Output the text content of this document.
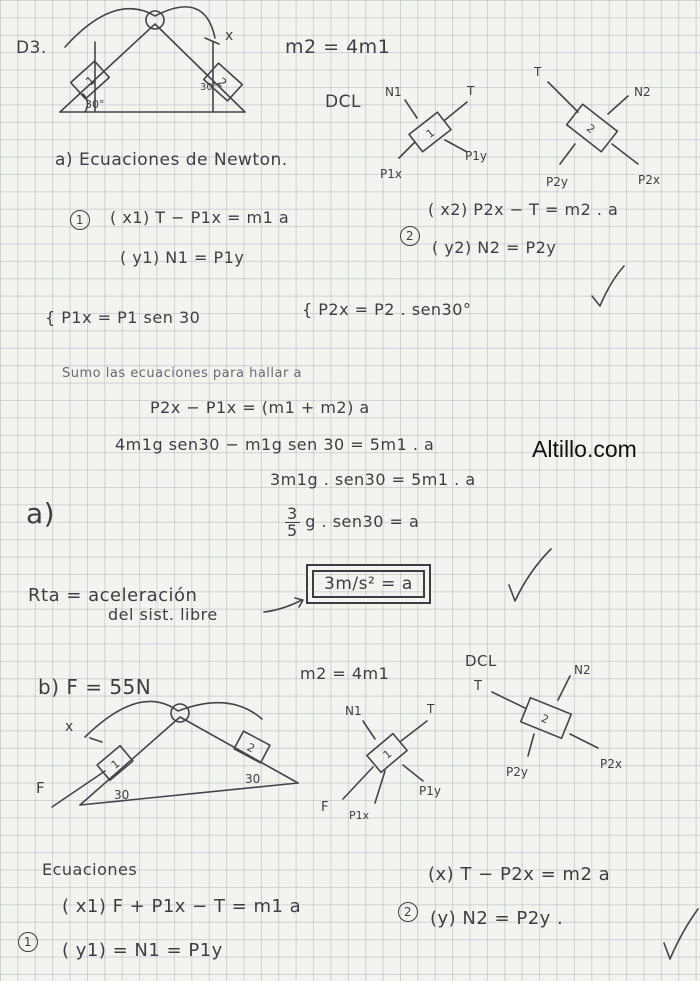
D3.	m2 = 4m1
DCL
1	2
30°
30°
x
1
N1	T
P1x
P1y
2
T
N2
P2y	P2x
a) Ecuaciones de Newton.
1	( x1) T − P1x = m1 a
( y1) N1 = P1y
2
( x2) P2x − T = m2 . a
( y2) N2 = P2y
{ P1x = P1 sen 30	{ P2x = P2 . sen30°
Sumo las ecuaciones para hallar a
P2x − P1x = (m1 + m2) a
4m1g sen30 − m1g sen 30 = 5m1 . a
3m1g . sen30 = 5m1 . a
$\frac{3}{5}$ g . sen30 = a
Altillo.com
a)
Rta = aceleración
del sist. libre
3m/s² = a
b) F = 55N
m2 = 4m1
DCL
x
F
1
2
30
30
1
N1	T
F
P1x
P1y
2
T
N2
P2y
P2x
Ecuaciones
1
( x1) F + P1x − T = m1 a
( y1) = N1 = P1y
2
(x) T − P2x = m2 a
(y) N2 = P2y .
